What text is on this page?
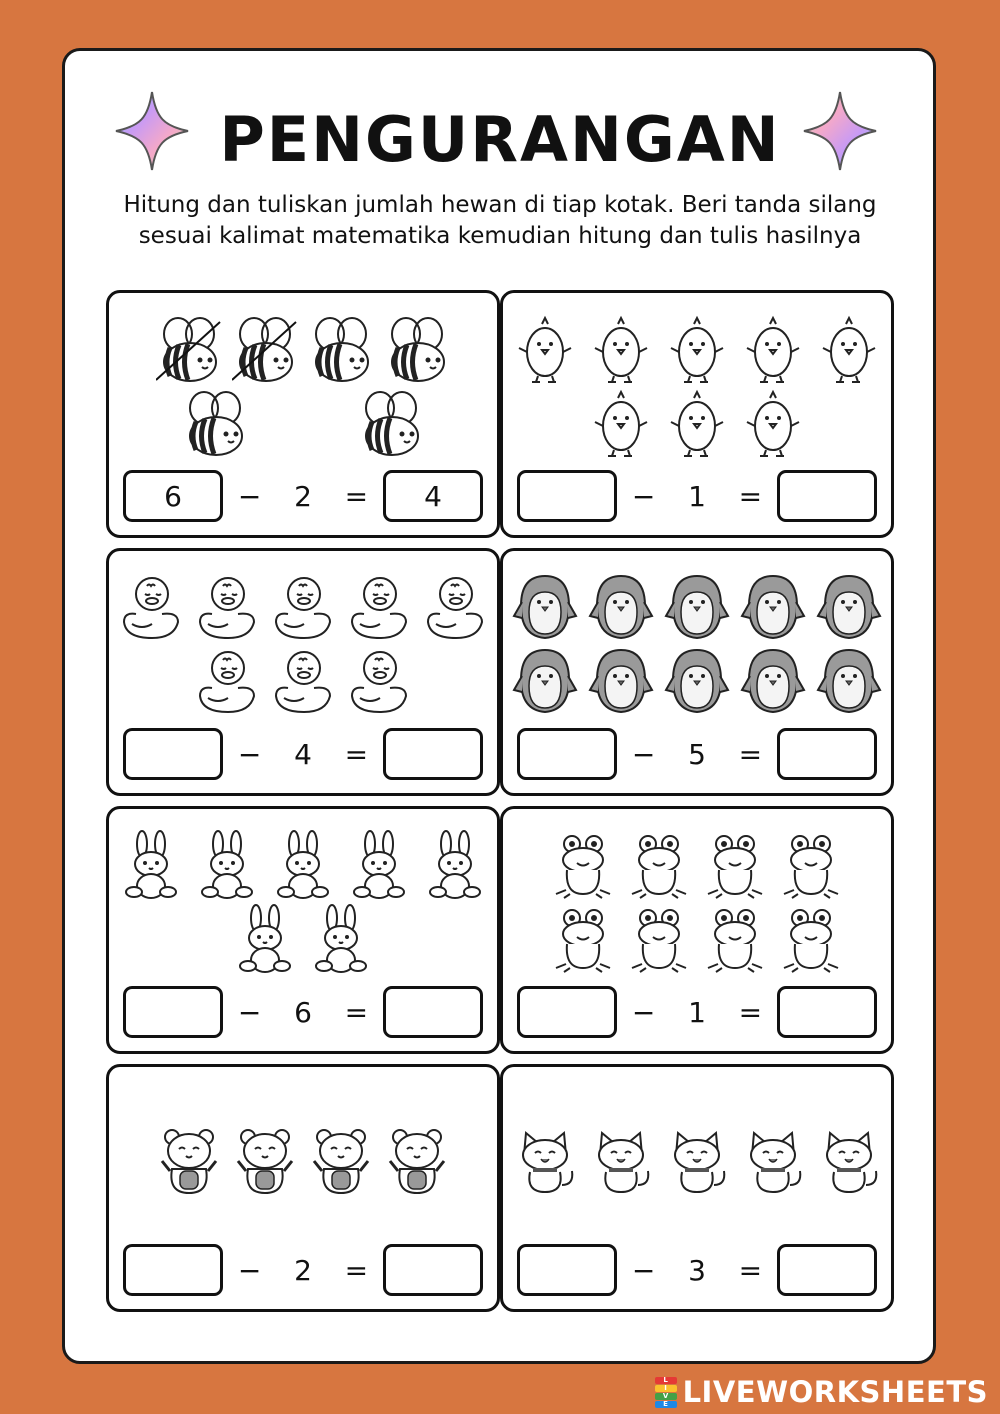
PENGURANGAN
Hitung dan tuliskan jumlah hewan di tiap kotak. Beri tanda silang sesuai kalimat matematika kemudian hitung dan tulis hasilnya
6	−	2	=	4	−	1	=
−	4	=	−	5	=
−	6	=	−	1	=
−	2	=	−	3	=
L
I
V
E LIVEWORKSHEETS
